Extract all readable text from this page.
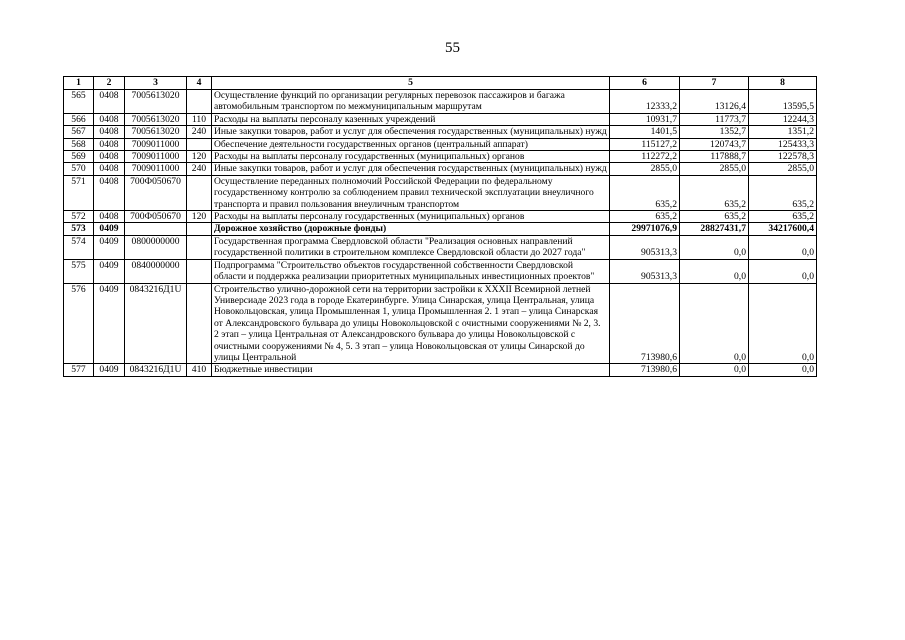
55
1	2	3	4	5	6	7	8
565	0408	7005613020		Осуществление функций по организации регулярных перевозок пассажиров и багажа автомобильным транспортом по межмуниципальным маршрутам	12333,2	13126,4	13595,5
566	0408	7005613020	110	Расходы на выплаты персоналу казенных учреждений	10931,7	11773,7	12244,3
567	0408	7005613020	240	Иные закупки товаров, работ и услуг для обеспечения государственных (муниципальных) нужд	1401,5	1352,7	1351,2
568	0408	7009011000		Обеспечение деятельности государственных органов (центральный аппарат)	115127,2	120743,7	125433,3
569	0408	7009011000	120	Расходы на выплаты персоналу государственных (муниципальных) органов	112272,2	117888,7	122578,3
570	0408	7009011000	240	Иные закупки товаров, работ и услуг для обеспечения государственных (муниципальных) нужд	2855,0	2855,0	2855,0
571	0408	700Ф050670		Осуществление переданных полномочий Российской Федерации по федеральному государственному контролю за соблюдением правил технической эксплуатации внеуличного транспорта и правил пользования внеуличным транспортом	635,2	635,2	635,2
572	0408	700Ф050670	120	Расходы на выплаты персоналу государственных (муниципальных) органов	635,2	635,2	635,2
573	0409			Дорожное хозяйство (дорожные фонды)	29971076,9	28827431,7	34217600,4
574	0409	0800000000		Государственная программа Свердловской области "Реализация основных направлений государственной политики в строительном комплексе Свердловской области до 2027 года"	905313,3	0,0	0,0
575	0409	0840000000		Подпрограмма "Строительство объектов государственной собственности Свердловской области и поддержка реализации приоритетных муниципальных инвестиционных проектов"	905313,3	0,0	0,0
576	0409	0843216Д1U		Строительство улично-дорожной сети на территории застройки к XXXII Всемирной летней Универсиаде 2023 года в городе Екатеринбурге. Улица Синарская, улица Центральная, улица Новокольцовская, улица Промышленная 1, улица Промышленная 2. 1 этап – улица Синарская от Александровского бульвара до улицы Новокольцовской с очистными сооружениями № 2, 3. 2 этап – улица Центральная от Александровского бульвара до улицы Новокольцовской с очистными сооружениями № 4, 5. 3 этап – улица Новокольцовская от улицы Синарской до улицы Центральной	713980,6	0,0	0,0
577	0409	0843216Д1U	410	Бюджетные инвестиции	713980,6	0,0	0,0
